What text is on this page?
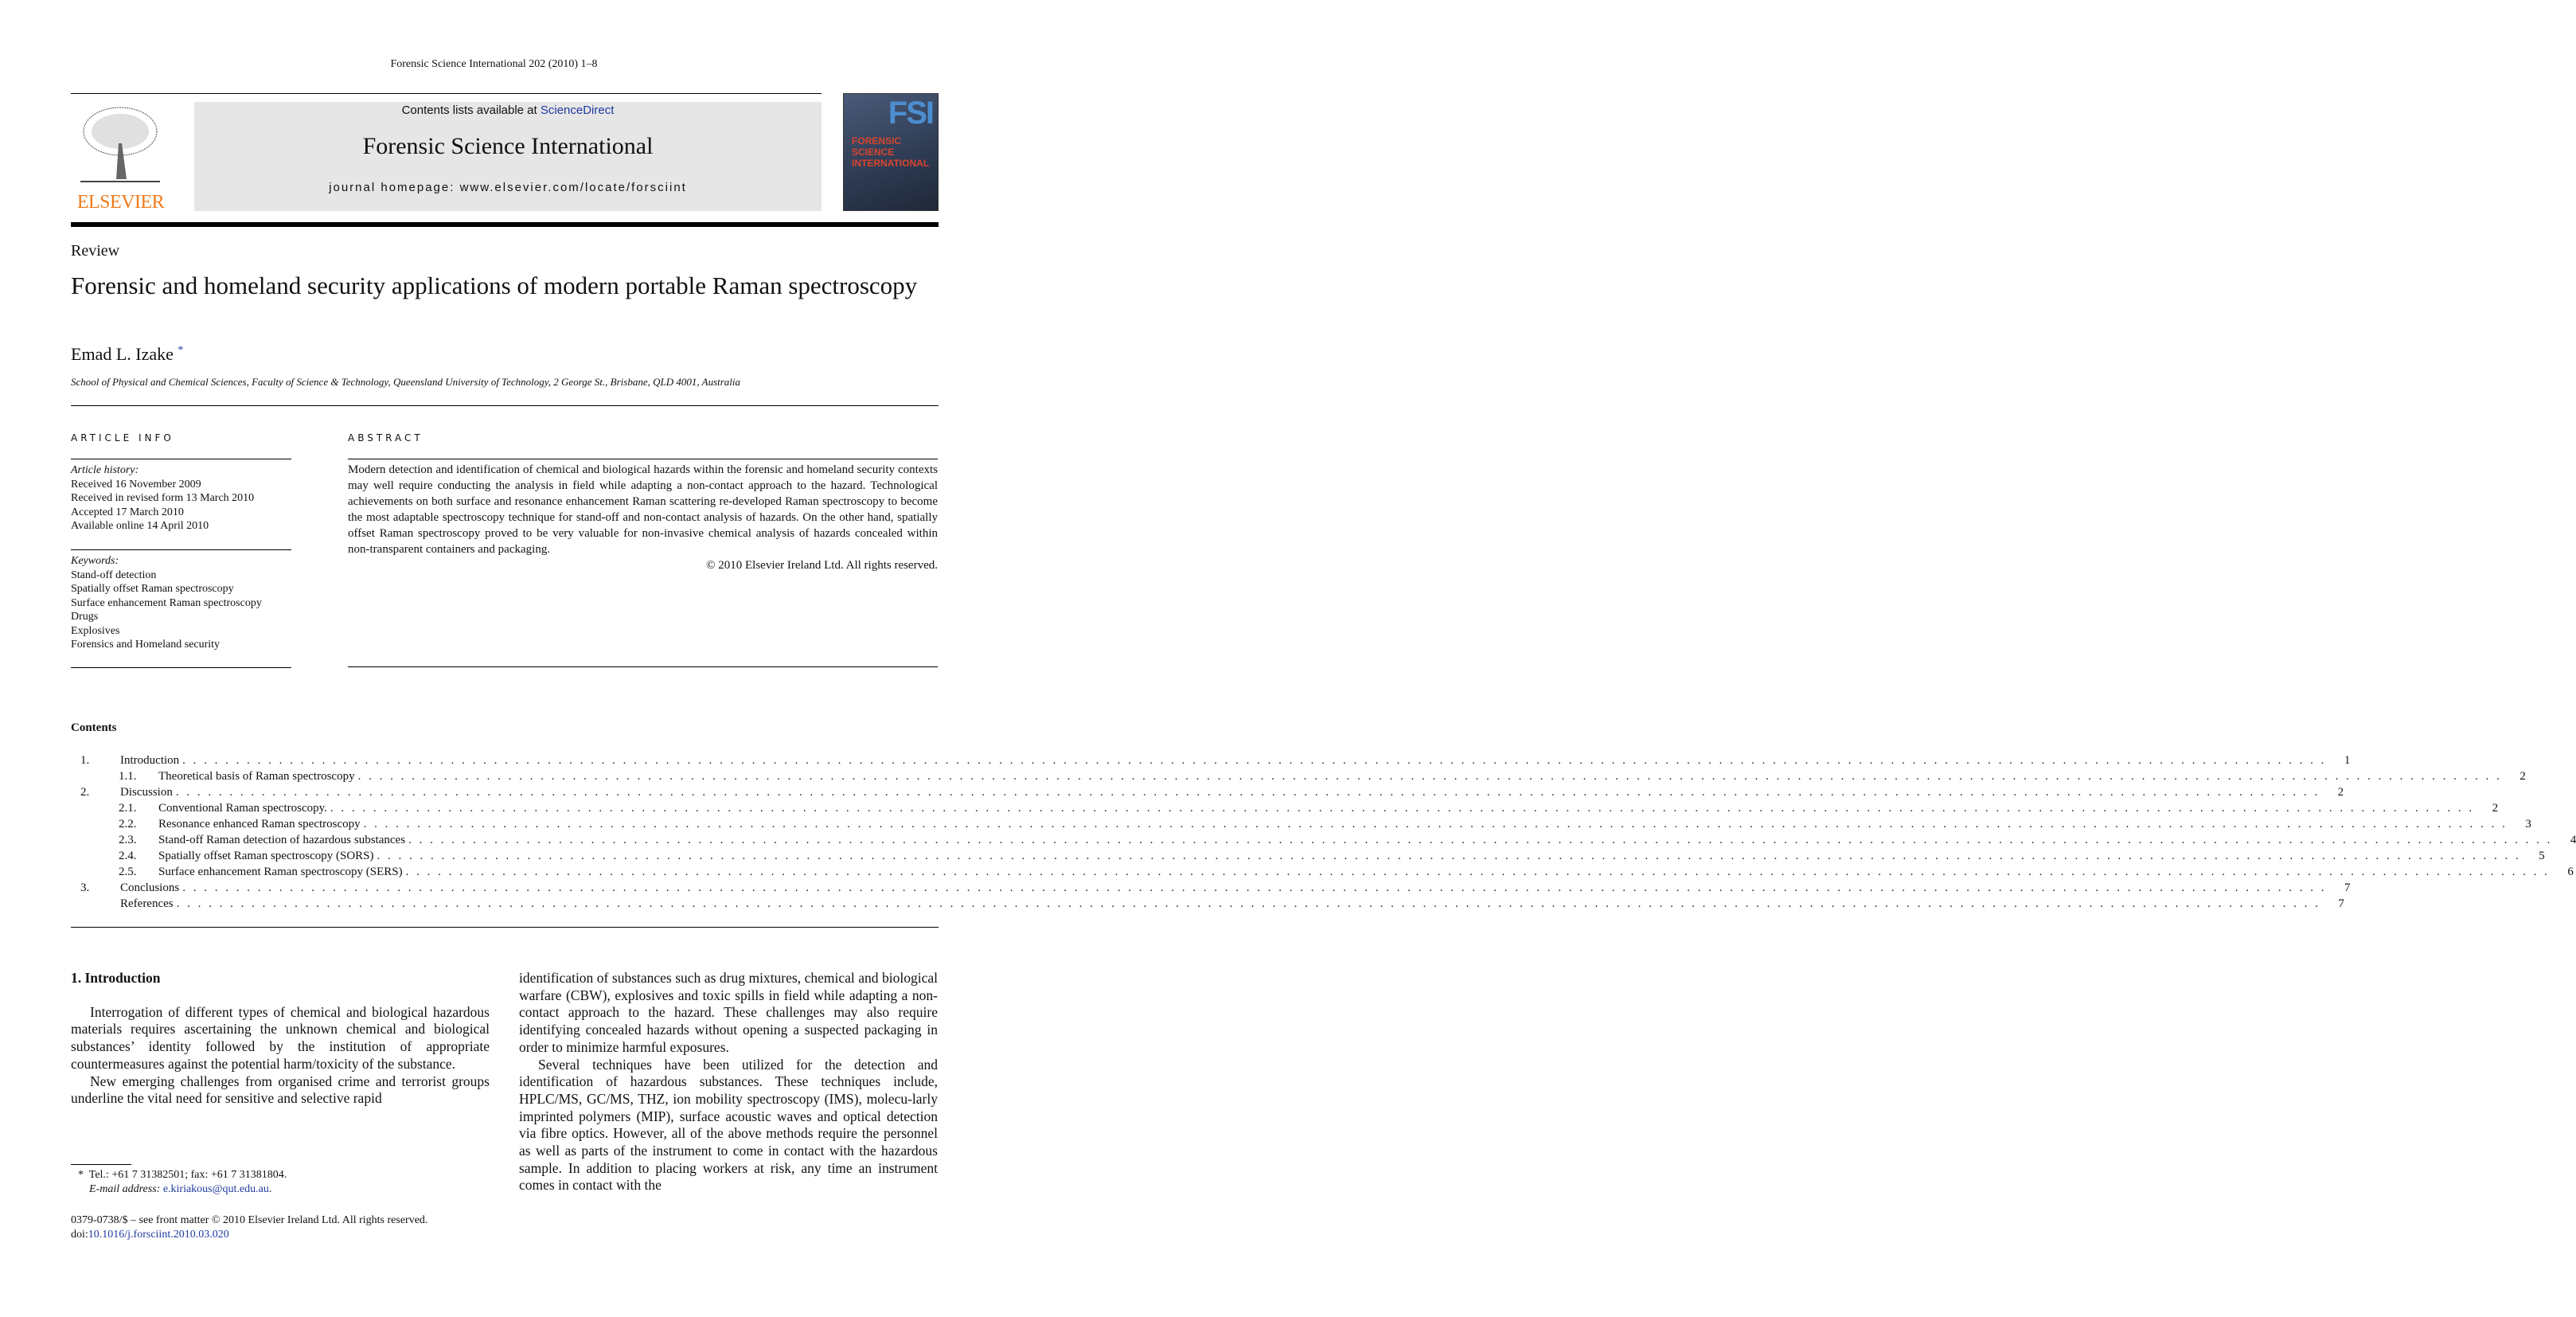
Forensic Science International 202 (2010) 1–8
ELSEVIER
Contents lists available at ScienceDirect
Forensic Science International
journal homepage: www.elsevier.com/locate/forsciint
FSI
FORENSIC SCIENCE INTERNATIONAL
Review
Forensic and homeland security applications of modern portable Raman spectroscopy
Emad L. Izake *
School of Physical and Chemical Sciences, Faculty of Science & Technology, Queensland University of Technology, 2 George St., Brisbane, QLD 4001, Australia
ARTICLE INFO
Article history:
Received 16 November 2009
Received in revised form 13 March 2010
Accepted 17 March 2010
Available online 14 April 2010
Keywords:
Stand-off detection
Spatially offset Raman spectroscopy
Surface enhancement Raman spectroscopy
Drugs
Explosives
Forensics and Homeland security
ABSTRACT
Modern detection and identification of chemical and biological hazards within the forensic and homeland security contexts may well require conducting the analysis in field while adapting a non-contact approach to the hazard. Technological achievements on both surface and resonance enhancement Raman scattering re-developed Raman spectroscopy to become the most adaptable spectroscopy technique for stand-off and non-contact analysis of hazards. On the other hand, spatially offset Raman spectroscopy proved to be very valuable for non-invasive chemical analysis of hazards concealed within non-transparent containers and packaging.
© 2010 Elsevier Ireland Ltd. All rights reserved.
Contents
1.	Introduction . . . . . . . . . . . . . . . . . . . . . . . . . . . . . . . . . . . . . . . . . . . . . . . . . . . . . . . . . . . . . . . . . . . . . . . . . . . . . . . . . . . . . . . . . . . . . . . . . . . . . . . . . . . . . . . . . . . . . . . . . . . . . . . . . . . . . . . . . . . . . . . . . . . . . . . . . . . . . . . . . . . . . . . . . . . . . . . . . . . . . . . . . . . . . . . . . . . . . . . .	1
1.1.	Theoretical basis of Raman spectroscopy . . . . . . . . . . . . . . . . . . . . . . . . . . . . . . . . . . . . . . . . . . . . . . . . . . . . . . . . . . . . . . . . . . . . . . . . . . . . . . . . . . . . . . . . . . . . . . . . . . . . . . . . . . . . . . . . . . . . . . . . . . . . . . . . . . . . . . . . . . . . . . . . . . . . . . . . . . . . . . . . . . . . . . . . . . . . . . . . . . . . . . . . . . . . . . . . . . . . . . . .	2
2.	Discussion . . . . . . . . . . . . . . . . . . . . . . . . . . . . . . . . . . . . . . . . . . . . . . . . . . . . . . . . . . . . . . . . . . . . . . . . . . . . . . . . . . . . . . . . . . . . . . . . . . . . . . . . . . . . . . . . . . . . . . . . . . . . . . . . . . . . . . . . . . . . . . . . . . . . . . . . . . . . . . . . . . . . . . . . . . . . . . . . . . . . . . . . . . . . . . . . . . . . . . . .	2
2.1.	Conventional Raman spectroscopy. . . . . . . . . . . . . . . . . . . . . . . . . . . . . . . . . . . . . . . . . . . . . . . . . . . . . . . . . . . . . . . . . . . . . . . . . . . . . . . . . . . . . . . . . . . . . . . . . . . . . . . . . . . . . . . . . . . . . . . . . . . . . . . . . . . . . . . . . . . . . . . . . . . . . . . . . . . . . . . . . . . . . . . . . . . . . . . . . . . . . . . . . . . . . . . . . . . . . . . . .	2
2.2.	Resonance enhanced Raman spectroscopy . . . . . . . . . . . . . . . . . . . . . . . . . . . . . . . . . . . . . . . . . . . . . . . . . . . . . . . . . . . . . . . . . . . . . . . . . . . . . . . . . . . . . . . . . . . . . . . . . . . . . . . . . . . . . . . . . . . . . . . . . . . . . . . . . . . . . . . . . . . . . . . . . . . . . . . . . . . . . . . . . . . . . . . . . . . . . . . . . . . . . . . . . . . . . . . . . . . . . . . .	3
2.3.	Stand-off Raman detection of hazardous substances . . . . . . . . . . . . . . . . . . . . . . . . . . . . . . . . . . . . . . . . . . . . . . . . . . . . . . . . . . . . . . . . . . . . . . . . . . . . . . . . . . . . . . . . . . . . . . . . . . . . . . . . . . . . . . . . . . . . . . . . . . . . . . . . . . . . . . . . . . . . . . . . . . . . . . . . . . . . . . . . . . . . . . . . . . . . . . . . . . . . . . . . . . . . . . . . . . . . . . . .	4
2.4.	Spatially offset Raman spectroscopy (SORS) . . . . . . . . . . . . . . . . . . . . . . . . . . . . . . . . . . . . . . . . . . . . . . . . . . . . . . . . . . . . . . . . . . . . . . . . . . . . . . . . . . . . . . . . . . . . . . . . . . . . . . . . . . . . . . . . . . . . . . . . . . . . . . . . . . . . . . . . . . . . . . . . . . . . . . . . . . . . . . . . . . . . . . . . . . . . . . . . . . . . . . . . . . . . . . . . . . . . . . . .	5
2.5.	Surface enhancement Raman spectroscopy (SERS) . . . . . . . . . . . . . . . . . . . . . . . . . . . . . . . . . . . . . . . . . . . . . . . . . . . . . . . . . . . . . . . . . . . . . . . . . . . . . . . . . . . . . . . . . . . . . . . . . . . . . . . . . . . . . . . . . . . . . . . . . . . . . . . . . . . . . . . . . . . . . . . . . . . . . . . . . . . . . . . . . . . . . . . . . . . . . . . . . . . . . . . . . . . . . . . . . . . . . . . .	6
3.	Conclusions . . . . . . . . . . . . . . . . . . . . . . . . . . . . . . . . . . . . . . . . . . . . . . . . . . . . . . . . . . . . . . . . . . . . . . . . . . . . . . . . . . . . . . . . . . . . . . . . . . . . . . . . . . . . . . . . . . . . . . . . . . . . . . . . . . . . . . . . . . . . . . . . . . . . . . . . . . . . . . . . . . . . . . . . . . . . . . . . . . . . . . . . . . . . . . . . . . . . . . . .	7
References . . . . . . . . . . . . . . . . . . . . . . . . . . . . . . . . . . . . . . . . . . . . . . . . . . . . . . . . . . . . . . . . . . . . . . . . . . . . . . . . . . . . . . . . . . . . . . . . . . . . . . . . . . . . . . . . . . . . . . . . . . . . . . . . . . . . . . . . . . . . . . . . . . . . . . . . . . . . . . . . . . . . . . . . . . . . . . . . . . . . . . . . . . . . . . . . . . . . . . . .	7
1. Introduction

Interrogation of different types of chemical and biological hazardous materials requires ascertaining the unknown chemical and biological substances’ identity followed by the institution of appropriate countermeasures against the potential harm/toxicity of the substance.

New emerging challenges from organised crime and terrorist groups underline the vital need for sensitive and selective rapid

identification of substances such as drug mixtures, chemical and biological warfare (CBW), explosives and toxic spills in field while adapting a non-contact approach to the hazard. These challenges may also require identifying concealed hazards without opening a suspected packaging in order to minimize harmful exposures.

Several techniques have been utilized for the detection and identification of hazardous substances. These techniques include, HPLC/MS, GC/MS, THZ, ion mobility spectroscopy (IMS), molecu-larly imprinted polymers (MIP), surface acoustic waves and optical detection via fibre optics. However, all of the above methods require the personnel as well as parts of the instrument to come in contact with the hazardous sample. In addition to placing workers at risk, any time an instrument comes in contact with the

* Tel.: +61 7 31382501; fax: +61 7 31381804.
E-mail address: e.kiriakous@qut.edu.au.
0379-0738/$ – see front matter © 2010 Elsevier Ireland Ltd. All rights reserved.
doi:10.1016/j.forsciint.2010.03.020
